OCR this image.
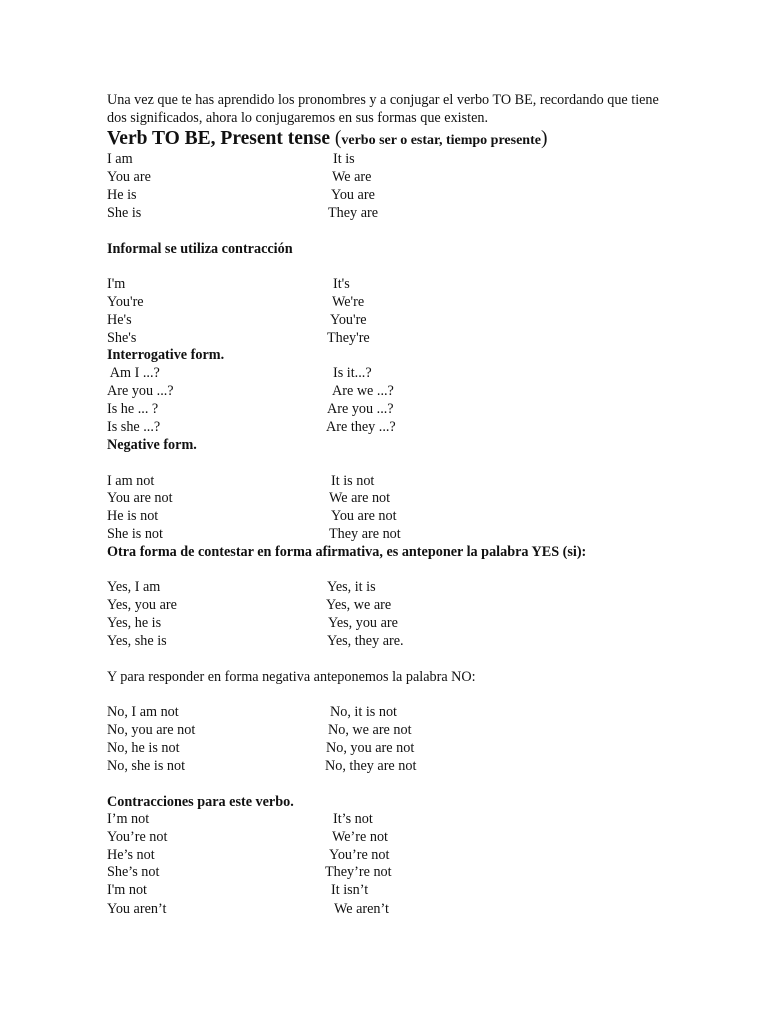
Una vez que te has aprendido los pronombres y a conjugar el verbo TO BE, recordando que tiene dos significados, ahora lo conjugaremos en sus formas que existen.

Verb TO BE, Present tense (verbo ser o estar, tiempo presente)

I am	It is
You are	We are
He is	You are
She is	They are
Informal se utiliza contracción
I'm	It's
You're	We're
He's	You're
She's	They're
Interrogative form.
Am I ...?	Is it...?
Are you ...?	Are we ...?
Is he ... ?	Are you ...?
Is she ...?	Are they ...?
Negative form.
I am not	It is not
You are not	We are not
He is not	You are not
She is not	They are not
Otra forma de contestar en forma afirmativa, es anteponer la palabra YES (si):
Yes, I am	Yes, it is
Yes, you are	Yes, we are
Yes, he is	Yes, you are
Yes, she is	Yes, they are.
Y para responder en forma negativa anteponemos la palabra NO:
No, I am not	No, it is not
No, you are not	No, we are not
No, he is not	No, you are not
No, she is not	No, they are not
Contracciones para este verbo.
I’m not	It’s not
You’re not	We’re not
He’s not	You’re not
She’s not	They’re not
I'm not	It isn’t
You aren’t	We aren’t
